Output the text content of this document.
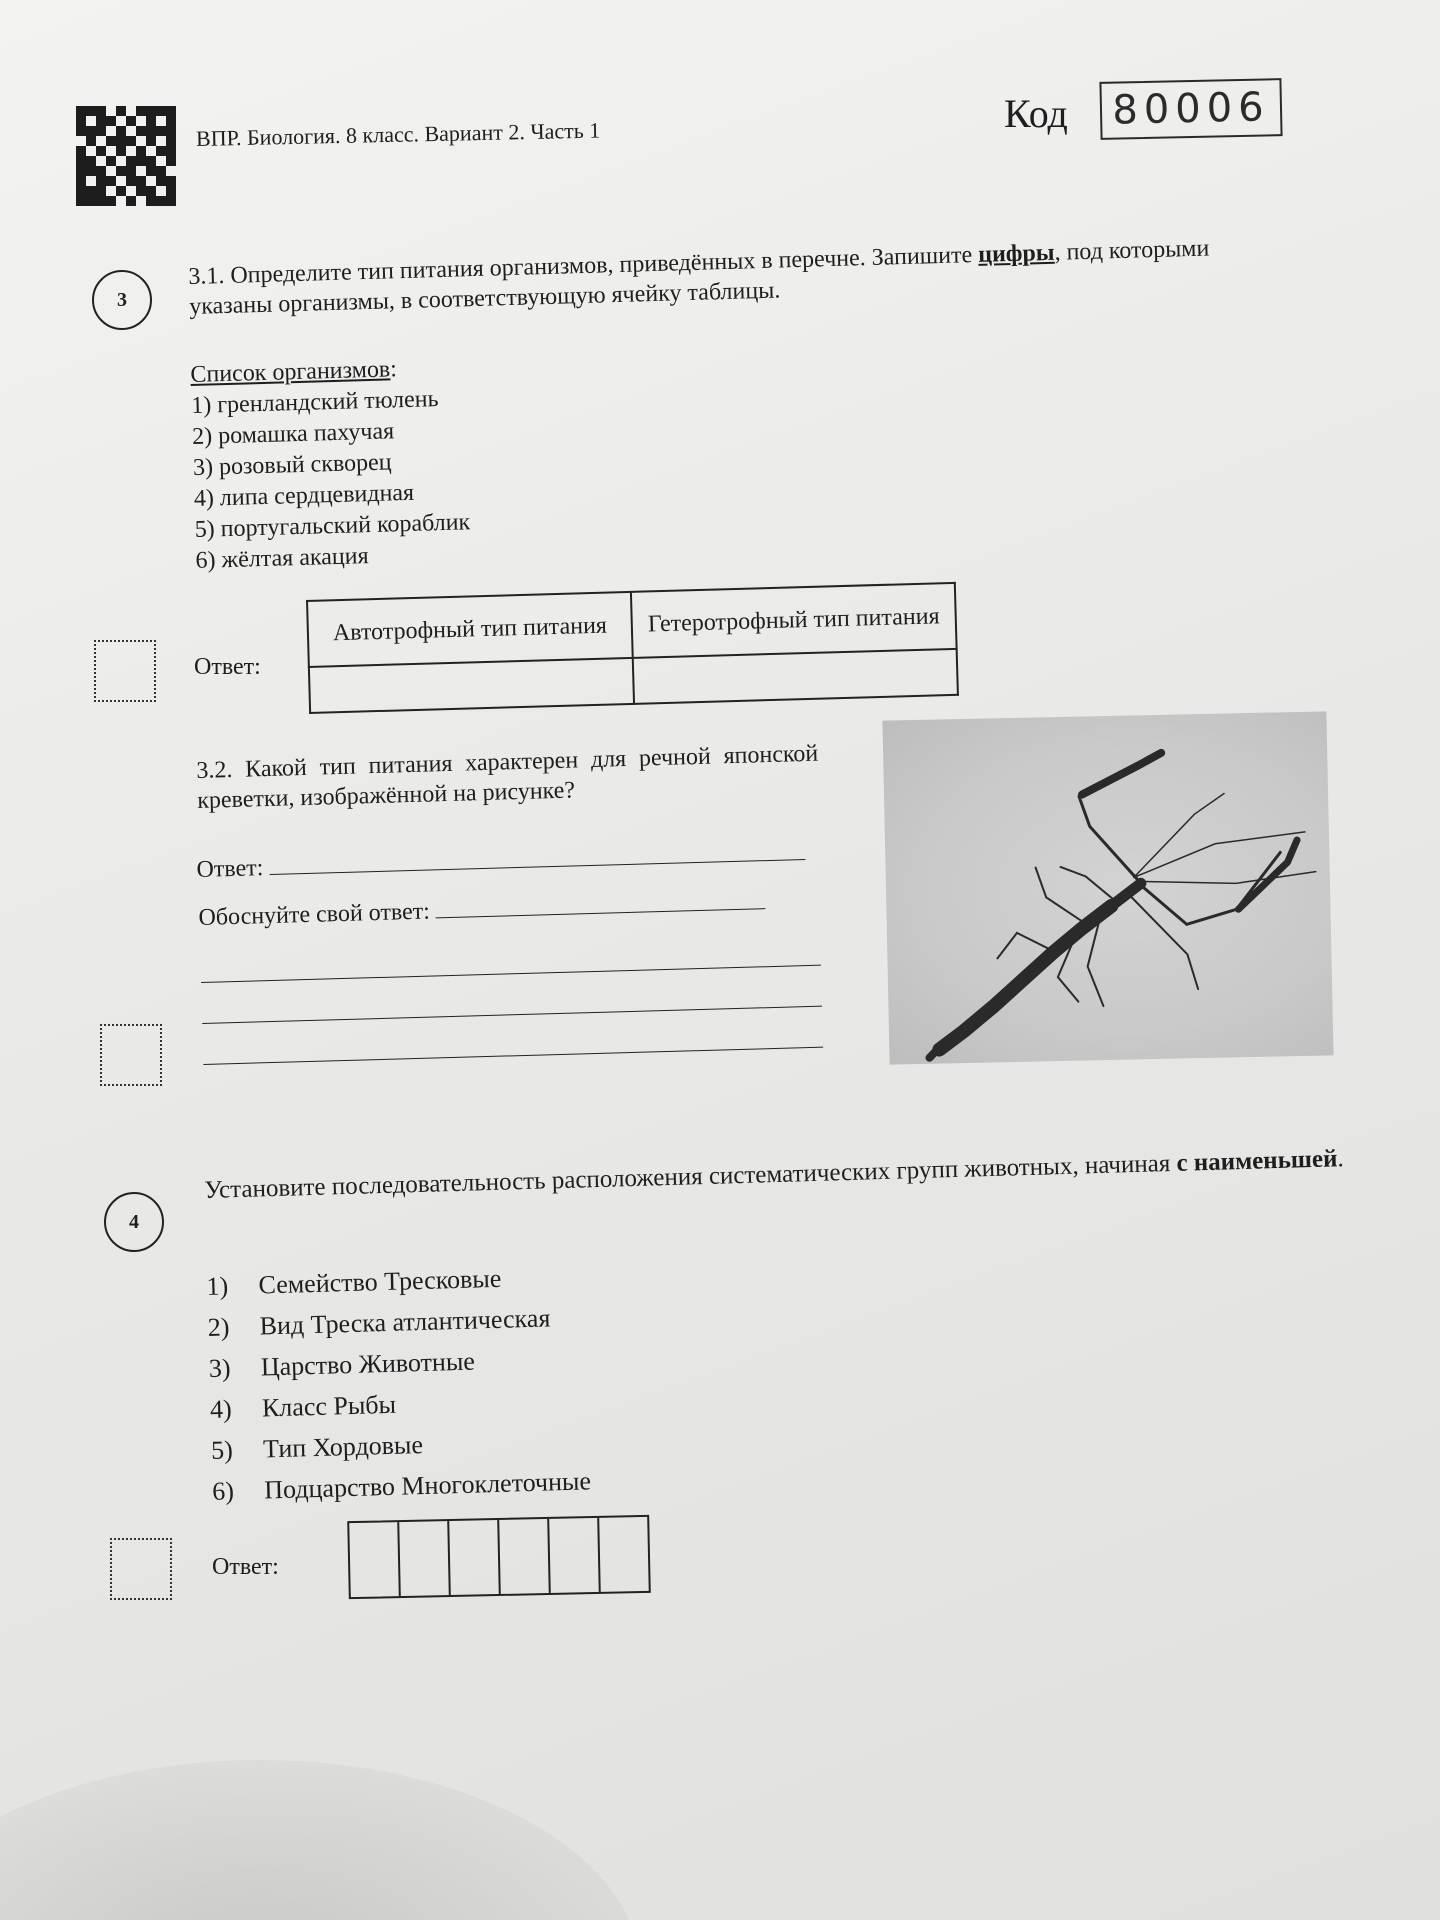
ВПР. Биология. 8 класс. Вариант 2. Часть 1	Код	80006
3
3.1. Определите тип питания организмов, приведённых в перечне. Запишите цифры, под которыми указаны организмы, в соответствующую ячейку таблицы.
Список организмов:
1) гренландский тюлень
2) ромашка пахучая
3) розовый скворец
4) липа сердцевидная
5) португальский кораблик
6) жёлтая акация
Ответ:
Автотрофный тип питания	Гетеротрофный тип питания

3.2. Какой тип питания характерен для речной японской креветки, изображённой на рисунке?
Ответ:
Обоснуйте свой ответ:
4
Установите последовательность расположения систематических групп животных, начиная с наименьшей.
1)	Семейство Тресковые
2)	Вид Треска атлантическая
3)	Царство Животные
4)	Класс Рыбы
5)	Тип Хордовые
6)	Подцарство Многоклеточные
Ответ:
